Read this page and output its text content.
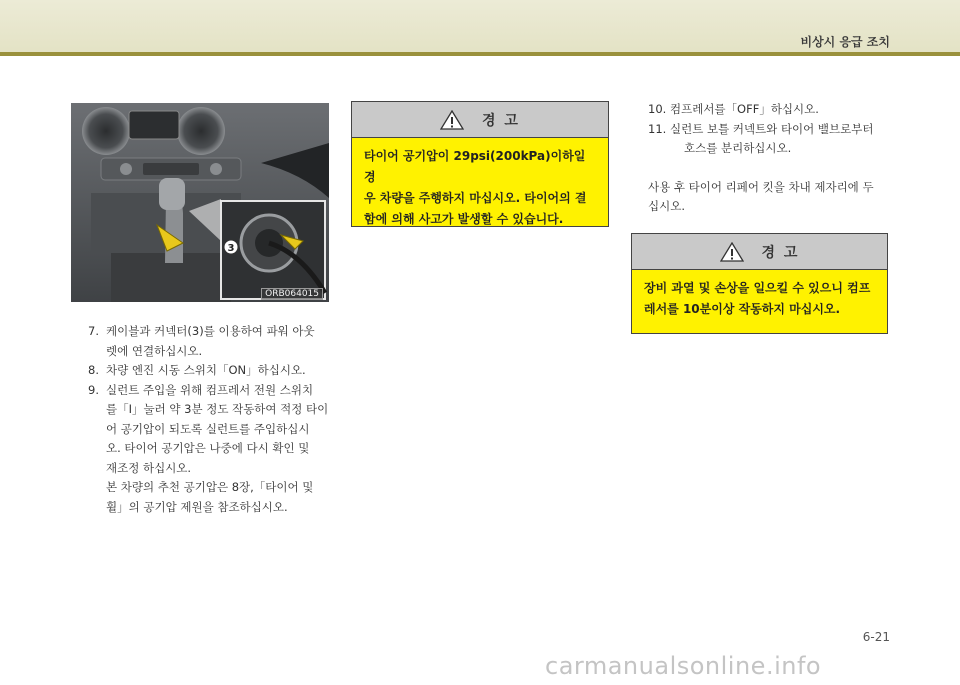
비상시 응급 조치
3
ORB064015
7. 케이블과 커넥터(3)를 이용하여 파워 아웃
렛에 연결하십시오.
8. 차량 엔진 시동 스위치「ON」하십시오.
9. 실런트 주입을 위해 컴프레서 전원 스위치
를「I」눌러 약 3분 정도 작동하여 적정 타이
어 공기압이 되도록 실런트를 주입하십시
오. 타이어 공기압은 나중에 다시 확인 및
재조정 하십시오.
본 차량의 추천 공기압은 8장,「타이어 및
휠」의 공기압 제원을 참조하십시오.
경 고

타이어 공기압이 29psi(200kPa)이하일 경

우 차량을 주행하지 마십시오. 타이어의 결

함에 의해 사고가 발생할 수 있습니다.

10. 컴프레서를「OFF」하십시오.
11. 실런트 보틀 커넥트와 타이어 밸브로부터
호스를 분리하십시오.
사용 후 타이어 리페어 킷을 차내 제자리에 두
십시오.
경 고

장비 과열 및 손상을 일으킬 수 있으니 컴프

레서를 10분이상 작동하지 마십시오.

6-21
carmanualsonline.info
